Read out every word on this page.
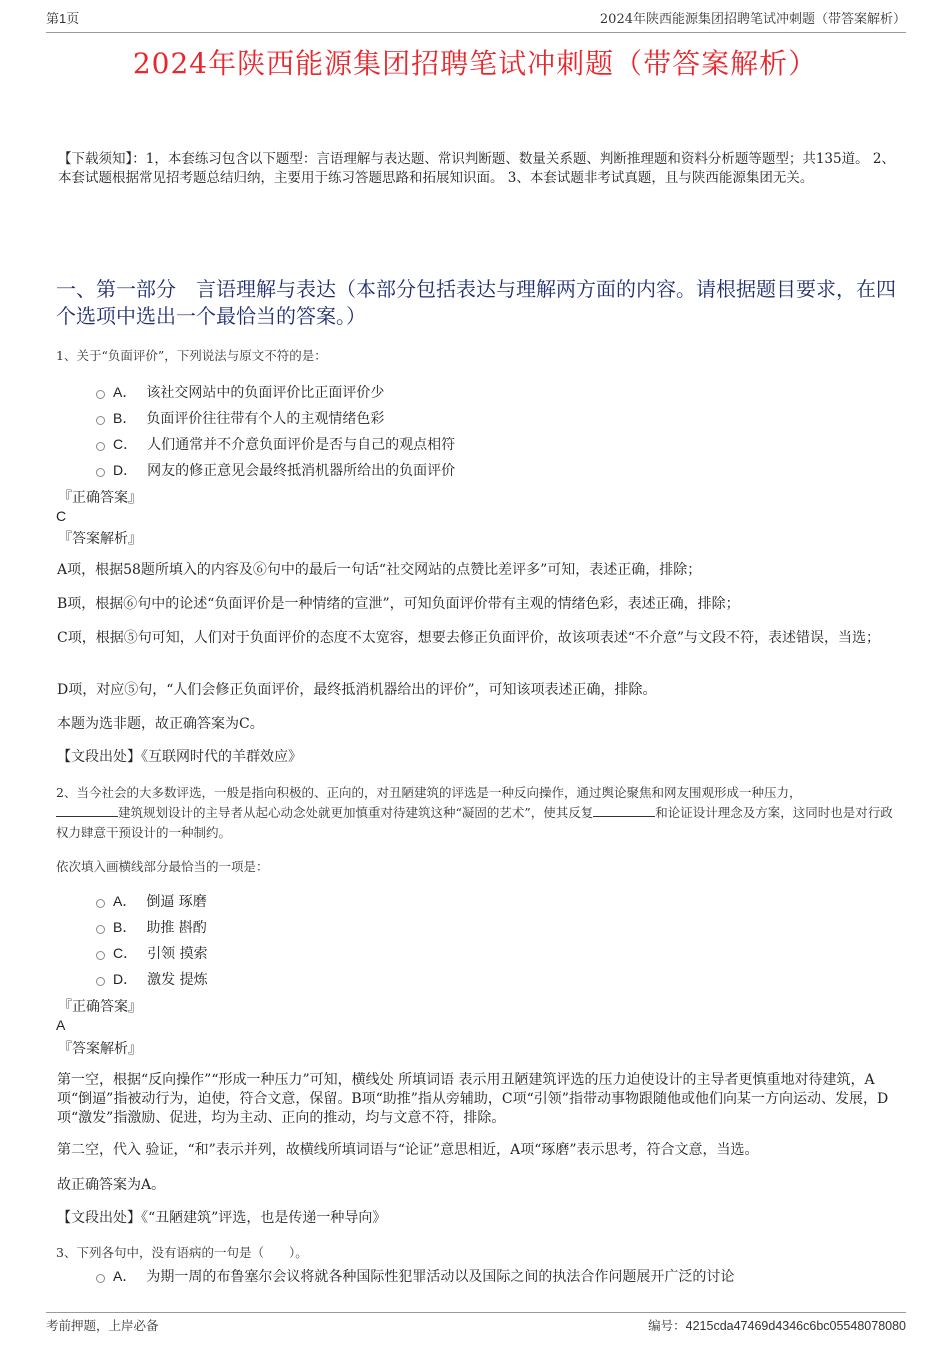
第1页	2024年陕西能源集团招聘笔试冲刺题（带答案解析）
2024年陕西能源集团招聘笔试冲刺题（带答案解析）
【下载须知】：1，本套练习包含以下题型：言语理解与表达题、常识判断题、数量关系题、判断推理题和资料分析题等题型；共135道。 2、本套试题根据常见招考题总结归纳，主要用于练习答题思路和拓展知识面。 3、本套试题非考试真题，且与陕西能源集团无关。
一、第一部分　言语理解与表达（本部分包括表达与理解两方面的内容。请根据题目要求，在四个选项中选出一个最恰当的答案。）
1、关于“负面评价”，下列说法与原文不符的是：
A． 该社交网站中的负面评价比正面评价少
B． 负面评价往往带有个人的主观情绪色彩
C． 人们通常并不介意负面评价是否与自己的观点相符
D． 网友的修正意见会最终抵消机器所给出的负面评价
『正确答案』
C
『答案解析』
A项，根据58题所填入的内容及⑥句中的最后一句话“社交网站的点赞比差评多”可知，表述正确，排除；
B项，根据⑥句中的论述“负面评价是一种情绪的宣泄”，可知负面评价带有主观的情绪色彩，表述正确，排除；
C项，根据⑤句可知，人们对于负面评价的态度不太宽容，想要去修正负面评价，故该项表述“不介意”与文段不符，表述错误，当选；
D项，对应⑤句，“人们会修正负面评价，最终抵消机器给出的评价”，可知该项表述正确，排除。
本题为选非题，故正确答案为C。
【文段出处】《互联网时代的羊群效应》
2、当今社会的大多数评选，一般是指向积极的、正向的，对丑陋建筑的评选是一种反向操作，通过舆论聚焦和网友围观形成一种压力，
建筑规划设计的主导者从起心动念处就更加慎重对待建筑这种“凝固的艺术”，使其反复	和论证设计理念及方案，这同时也是对行政权力肆意干预设计的一种制约。
依次填入画横线部分最恰当的一项是：
A． 倒逼 琢磨
B． 助推 斟酌
C． 引领 摸索
D． 激发 提炼
『正确答案』
A
『答案解析』
第一空，根据“反向操作”“形成一种压力”可知，横线处 所填词语 表示用丑陋建筑评选的压力迫使设计的主导者更慎重地对待建筑，A项“倒逼”指被动行为，迫使，符合文意，保留。B项“助推”指从旁辅助，C项“引领”指带动事物跟随他或他们向某一方向运动、发展，D项“激发”指激励、促进，均为主动、正向的推动，均与文意不符，排除。
第二空，代入 验证，“和”表示并列，故横线所填词语与“论证”意思相近，A项“琢磨”表示思考，符合文意，当选。
故正确答案为A。
【文段出处】《“丑陋建筑”评选，也是传递一种导向》
3、下列各句中，没有语病的一句是（　　）。
A． 为期一周的布鲁塞尔会议将就各种国际性犯罪活动以及国际之间的执法合作问题展开广泛的讨论
考前押题，上岸必备	编号：4215cda47469d4346c6bc05548078080
